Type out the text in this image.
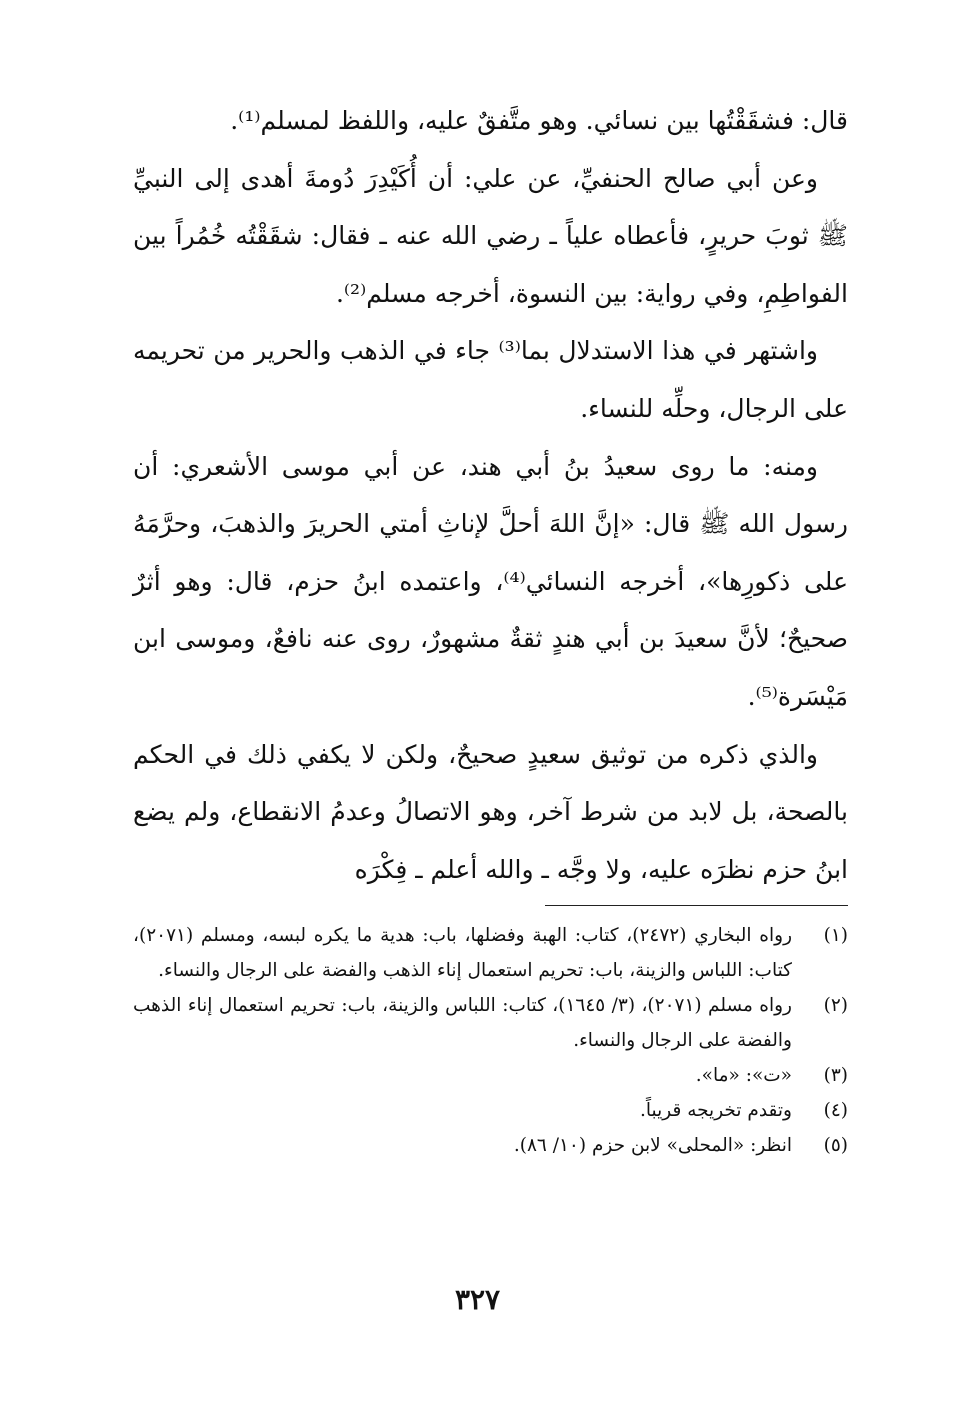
قال: فشقَقْتُها بين نسائي. وهو متَّفقٌ عليه، واللفظ لمسلم⁽¹⁾.

وعن أبي صالح الحنفيِّ، عن علي: أن أُكَيْدِرَ دُومةَ أهدى إلى النبيِّ ﷺ ثوبَ حريرٍ، فأعطاه علياً ـ رضي الله عنه ـ فقال: شقَقْتُه خُمُراً بين الفواطِمِ، وفي رواية: بين النسوة، أخرجه مسلم⁽²⁾.

واشتهر في هذا الاستدلال بما⁽³⁾ جاء في الذهب والحرير من تحريمه على الرجال، وحلِّه للنساء.

ومنه: ما روى سعيدُ بنُ أبي هند، عن أبي موسى الأشعري: أن رسول الله ﷺ قال: «إنَّ اللهَ أحلَّ لإناثِ أمتي الحريرَ والذهبَ، وحرَّمَهُ على ذكورِها»، أخرجه النسائي⁽⁴⁾، واعتمده ابنُ حزم، قال: وهو أثرٌ صحيحٌ؛ لأنَّ سعيدَ بن أبي هندٍ ثقةٌ مشهورٌ، روى عنه نافعٌ، وموسى ابن مَيْسَرة⁽⁵⁾.

والذي ذكره من توثيق سعيدٍ صحيحٌ، ولكن لا يكفي ذلك في الحكم بالصحة، بل لابد من شرط آخر، وهو الاتصالُ وعدمُ الانقطاع، ولم يضع ابنُ حزم نظرَه عليه، ولا وجَّه ـ والله أعلم ـ فِكْرَه

(١)
رواه البخاري (٢٤٧٢)، كتاب: الهبة وفضلها، باب: هدية ما يكره لبسه، ومسلم (٢٠٧١)، كتاب: اللباس والزينة، باب: تحريم استعمال إناء الذهب والفضة على الرجال والنساء.
(٢)
رواه مسلم (٢٠٧١)، (٣/ ١٦٤٥)، كتاب: اللباس والزينة، باب: تحريم استعمال إناء الذهب والفضة على الرجال والنساء.
(٣)
«ت»: «ما».
(٤)
وتقدم تخريجه قريباً.
(٥)
انظر: «المحلى» لابن حزم (١٠/ ٨٦).
٣٢٧
